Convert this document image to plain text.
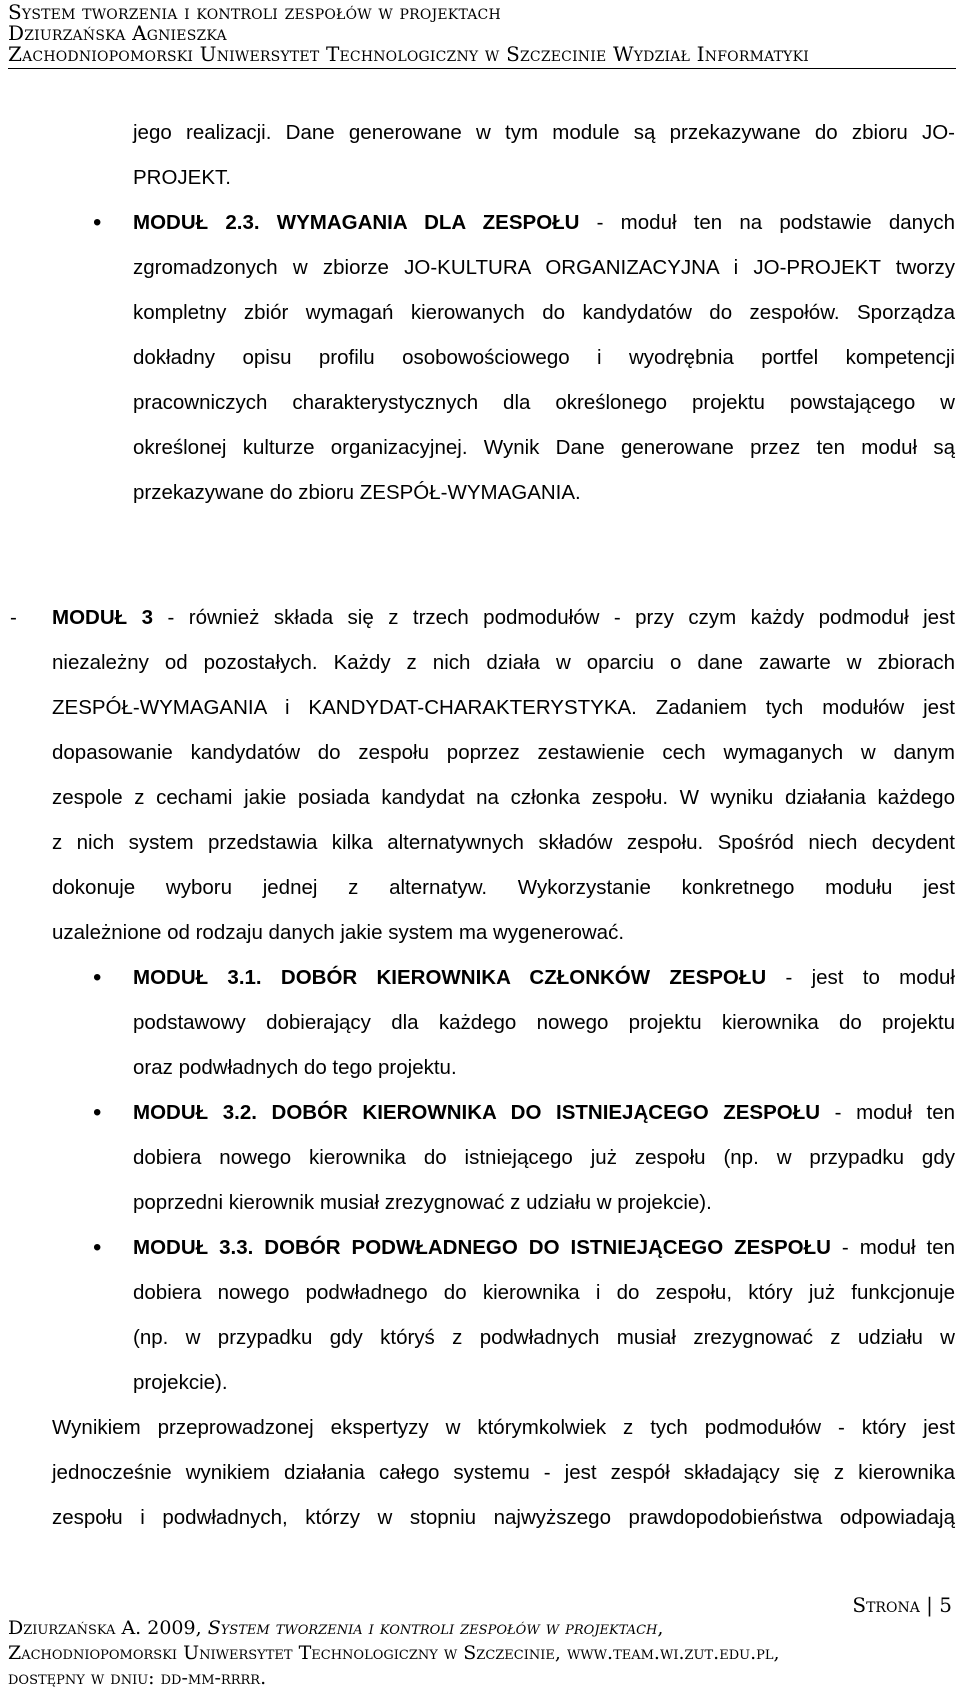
System tworzenia i kontroli zespołów w projektach
Dziurzańska Agnieszka
Zachodniopomorski Uniwersytet Technologiczny w Szczecinie Wydział Informatyki
jego realizacji. Dane generowane w tym module są przekazywane do zbioru JO-
PROJEKT.
• MODUŁ 2.3. WYMAGANIA DLA ZESPOŁU - moduł ten na podstawie danych
zgromadzonych w zbiorze JO-KULTURA ORGANIZACYJNA i JO-PROJEKT tworzy
kompletny zbiór wymagań kierowanych do kandydatów do zespołów. Sporządza
dokładny opisu profilu osobowościowego i wyodrębnia portfel kompetencji
pracowniczych charakterystycznych dla określonego projektu powstającego w
określonej kulturze organizacyjnej. Wynik Dane generowane przez ten moduł są
przekazywane do zbioru ZESPÓŁ-WYMAGANIA.
- MODUŁ 3 - również składa się z trzech podmodułów - przy czym każdy podmoduł jest
niezależny od pozostałych. Każdy z nich działa w oparciu o dane zawarte w zbiorach
ZESPÓŁ-WYMAGANIA i KANDYDAT-CHARAKTERYSTYKA. Zadaniem tych modułów jest
dopasowanie kandydatów do zespołu poprzez zestawienie cech wymaganych w danym
zespole z cechami jakie posiada kandydat na członka zespołu. W wyniku działania każdego
z nich system przedstawia kilka alternatywnych składów zespołu. Spośród niech decydent
dokonuje wyboru jednej z alternatyw. Wykorzystanie konkretnego modułu jest
uzależnione od rodzaju danych jakie system ma wygenerować.
• MODUŁ 3.1. DOBÓR KIEROWNIKA CZŁONKÓW ZESPOŁU - jest to moduł
podstawowy dobierający dla każdego nowego projektu kierownika do projektu
oraz podwładnych do tego projektu.
• MODUŁ 3.2. DOBÓR KIEROWNIKA DO ISTNIEJĄCEGO ZESPOŁU - moduł ten
dobiera nowego kierownika do istniejącego już zespołu (np. w przypadku gdy
poprzedni kierownik musiał zrezygnować z udziału w projekcie).
• MODUŁ 3.3. DOBÓR PODWŁADNEGO DO ISTNIEJĄCEGO ZESPOŁU - moduł ten
dobiera nowego podwładnego do kierownika i do zespołu, który już funkcjonuje
(np. w przypadku gdy któryś z podwładnych musiał zrezygnować z udziału w
projekcie).
Wynikiem przeprowadzonej ekspertyzy w którymkolwiek z tych podmodułów - który jest
jednocześnie wynikiem działania całego systemu - jest zespół składający się z kierownika
zespołu i podwładnych, którzy w stopniu najwyższego prawdopodobieństwa odpowiadają
Strona | 5
Dziurzańska A. 2009, System tworzenia i kontroli zespołów w projektach,
Zachodniopomorski Uniwersytet Technologiczny w Szczecinie, www.team.wi.zut.edu.pl,
dostępny w dniu: dd-mm-rrrr.
